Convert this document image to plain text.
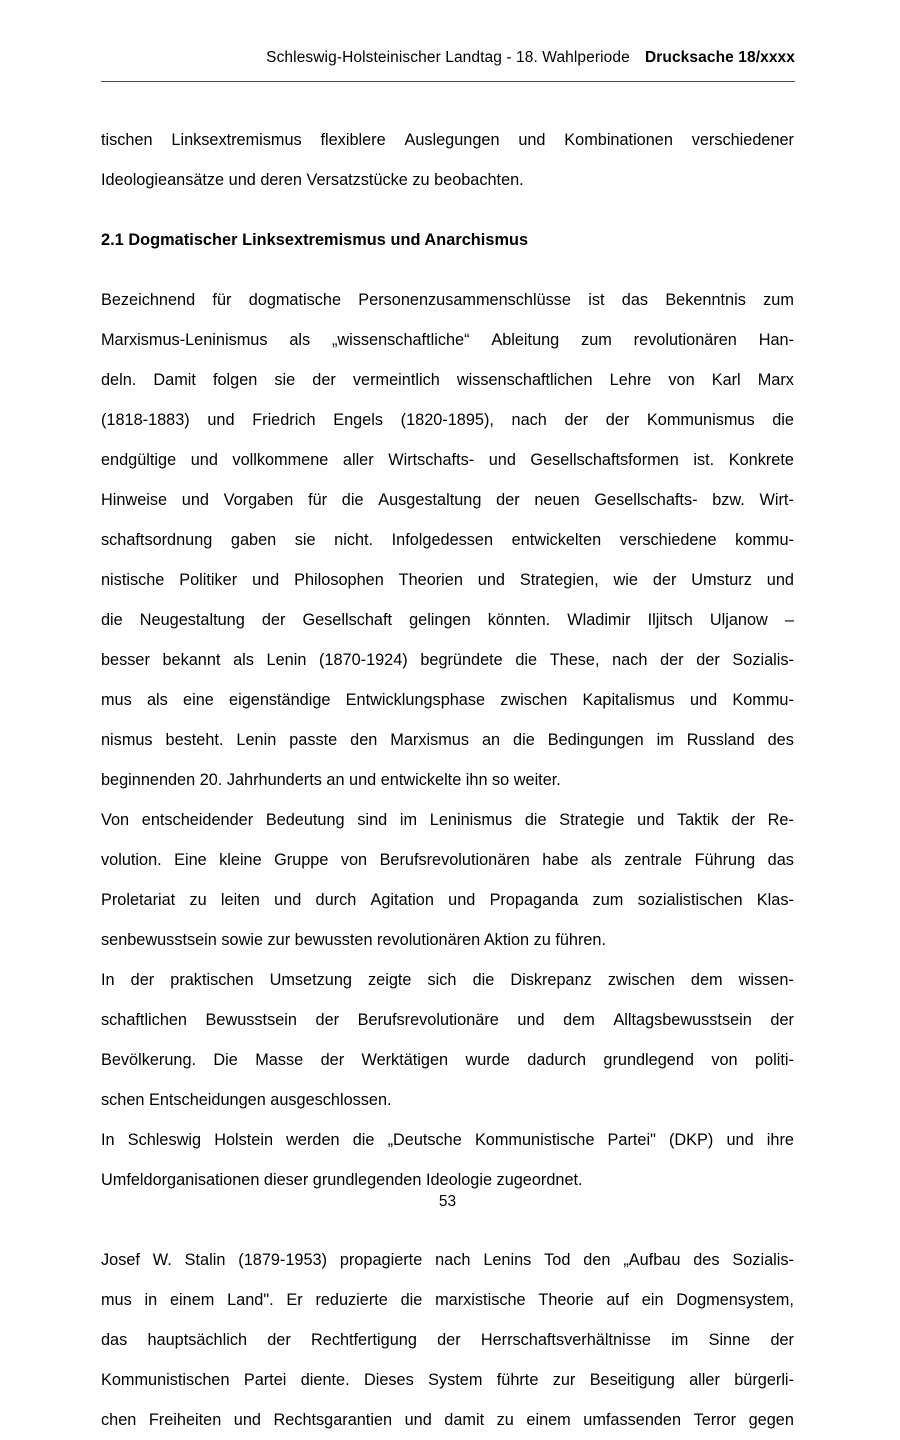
Schleswig-Holsteinischer Landtag - 18. Wahlperiode Drucksache 18/xxxx
tischen Linksextremismus flexiblere Auslegungen und Kombinationen verschiedener
Ideologieansätze und deren Versatzstücke zu beobachten.
2.1 Dogmatischer Linksextremismus und Anarchismus
Bezeichnend für dogmatische Personenzusammenschlüsse ist das Bekenntnis zum
Marxismus-Leninismus als „wissenschaftliche“ Ableitung zum revolutionären Han-
deln. Damit folgen sie der vermeintlich wissenschaftlichen Lehre von Karl Marx
(1818-1883) und Friedrich Engels (1820-1895), nach der der Kommunismus die
endgültige und vollkommene aller Wirtschafts- und Gesellschaftsformen ist. Konkrete
Hinweise und Vorgaben für die Ausgestaltung der neuen Gesellschafts- bzw. Wirt-
schaftsordnung gaben sie nicht. Infolgedessen entwickelten verschiedene kommu-
nistische Politiker und Philosophen Theorien und Strategien, wie der Umsturz und
die Neugestaltung der Gesellschaft gelingen könnten. Wladimir Iljitsch Uljanow –
besser bekannt als Lenin (1870-1924) begründete die These, nach der der Sozialis-
mus als eine eigenständige Entwicklungsphase zwischen Kapitalismus und Kommu-
nismus besteht. Lenin passte den Marxismus an die Bedingungen im Russland des
beginnenden 20. Jahrhunderts an und entwickelte ihn so weiter.
Von entscheidender Bedeutung sind im Leninismus die Strategie und Taktik der Re-
volution. Eine kleine Gruppe von Berufsrevolutionären habe als zentrale Führung das
Proletariat zu leiten und durch Agitation und Propaganda zum sozialistischen Klas-
senbewusstsein sowie zur bewussten revolutionären Aktion zu führen.
In der praktischen Umsetzung zeigte sich die Diskrepanz zwischen dem wissen-
schaftlichen Bewusstsein der Berufsrevolutionäre und dem Alltagsbewusstsein der
Bevölkerung. Die Masse der Werktätigen wurde dadurch grundlegend von politi-
schen Entscheidungen ausgeschlossen.
In Schleswig Holstein werden die „Deutsche Kommunistische Partei" (DKP) und ihre
Umfeldorganisationen dieser grundlegenden Ideologie zugeordnet.
Josef W. Stalin (1879-1953) propagierte nach Lenins Tod den „Aufbau des Sozialis-
mus in einem Land". Er reduzierte die marxistische Theorie auf ein Dogmensystem,
das hauptsächlich der Rechtfertigung der Herrschaftsverhältnisse im Sinne der
Kommunistischen Partei diente. Dieses System führte zur Beseitigung aller bürgerli-
chen Freiheiten und Rechtsgarantien und damit zu einem umfassenden Terror gegen
53
